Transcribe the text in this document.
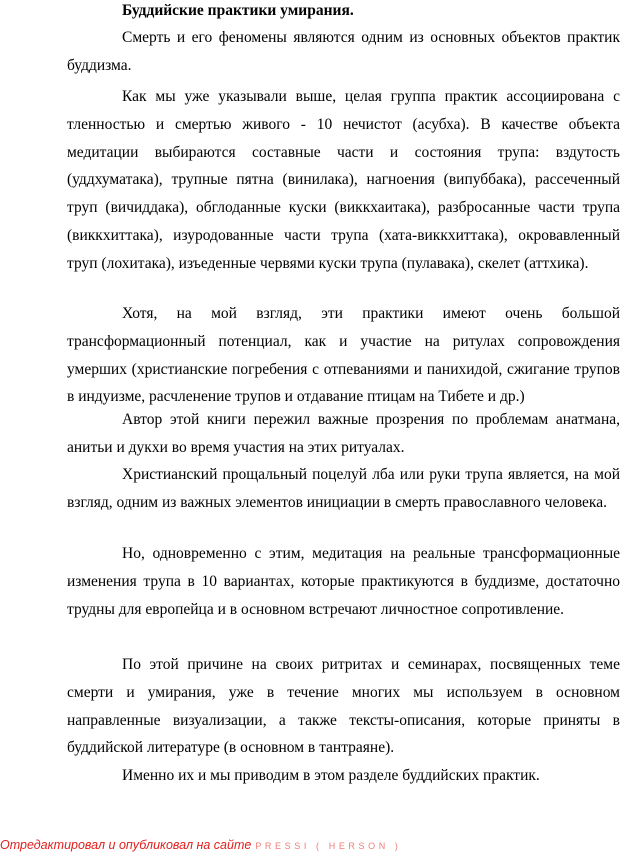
Буддийские практики умирания.

Смерть и его феномены являются одним из основных объектов практик буддизма.

Как мы уже указывали выше, целая группа практик ассоциирована с тленностью и смертью живого - 10 нечистот (асубха). В качестве объекта медитации выбираются составные части и состояния трупа: вздутость (уддхуматака), трупные пятна (винилака), нагноения (випуббака), рассеченный труп (вичиддака), обглоданные куски (виккхаитака), разбросанные части трупа (виккхиттака), изуродованные части трупа (хата-виккхиттака), окровавленный труп (лохитака), изъеденные червями куски трупа (пулавака), скелет (аттхика).

Хотя, на мой взгляд, эти практики имеют очень большой трансформационный потенциал, как и участие на ритулах сопровождения умерших (христианские погребения с отпеваниями и панихидой, сжигание трупов в индуизме, расчленение трупов и отдавание птицам на Тибете и др.)

Автор этой книги пережил важные прозрения по проблемам анатмана, анитьи и дукхи во время участия на этих ритуалах.

Христианский прощальный поцелуй лба или руки трупа является, на мой взгляд, одним из важных элементов инициации в смерть православного человека.

Но, одновременно с этим, медитация на реальные трансформационные изменения трупа в 10 вариантах, которые практикуются в буддизме, достаточно трудны для европейца и в основном встречают личностное сопротивление.

По этой причине на своих ритритах и семинарах, посвященных теме смерти и умирания, уже в течение многих мы используем в основном направленные визуализации, а также тексты-описания, которые приняты в буддийской литературе (в основном в тантраяне).

Именно их и мы приводим в этом разделе буддийских практик.

Отредактировал и опубликовал на сайте PRESSI ( HERSON )
